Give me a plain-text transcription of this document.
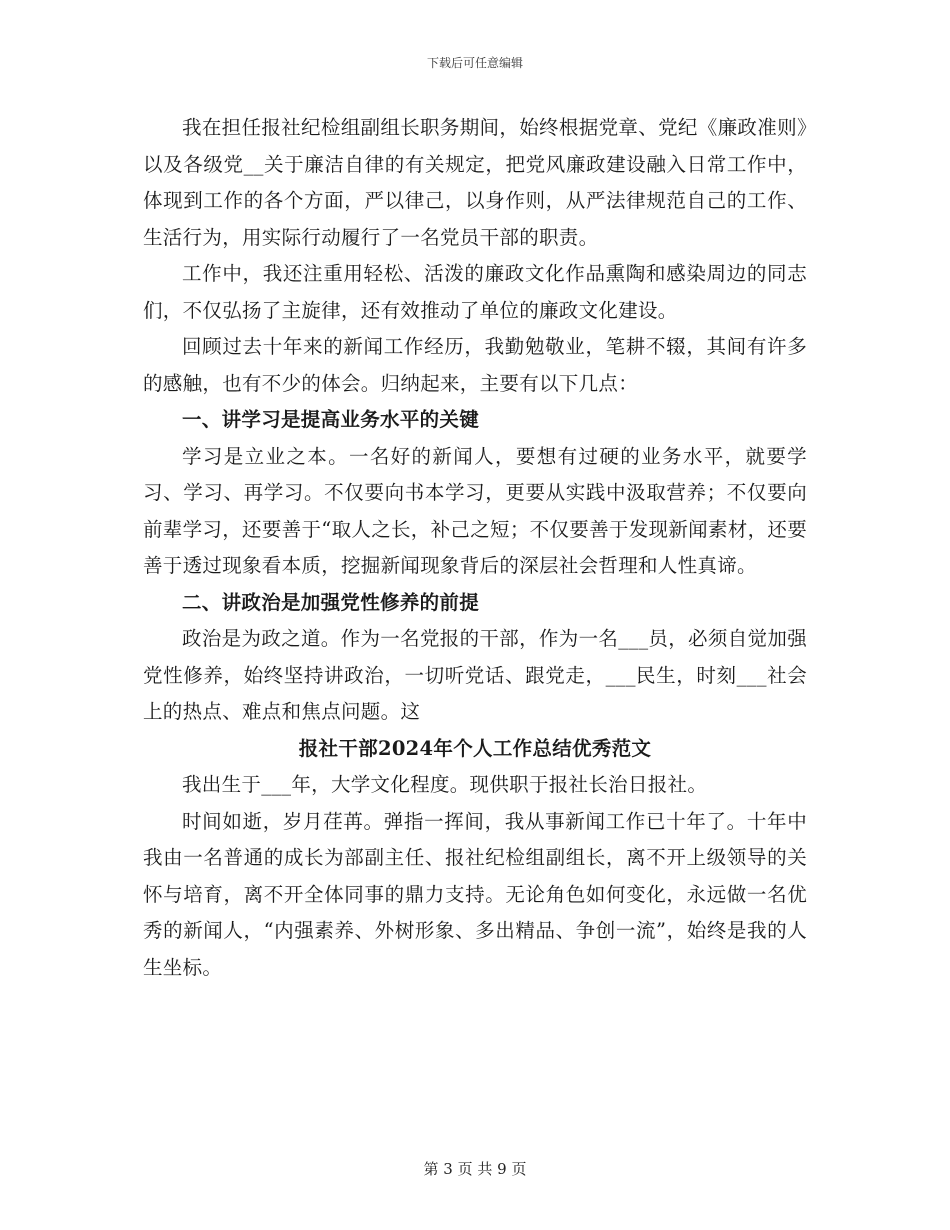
下载后可任意编辑

我在担任报社纪检组副组长职务期间，始终根据党章、党纪《廉政准则》以及各级党__关于廉洁自律的有关规定，把党风廉政建设融入日常工作中，体现到工作的各个方面，严以律己，以身作则，从严法律规范自己的工作、生活行为，用实际行动履行了一名党员干部的职责。

工作中，我还注重用轻松、活泼的廉政文化作品熏陶和感染周边的同志们，不仅弘扬了主旋律，还有效推动了单位的廉政文化建设。

回顾过去十年来的新闻工作经历，我勤勉敬业，笔耕不辍，其间有许多的感触，也有不少的体会。归纳起来，主要有以下几点：

一、讲学习是提高业务水平的关键

学习是立业之本。一名好的新闻人，要想有过硬的业务水平，就要学习、学习、再学习。不仅要向书本学习，更要从实践中汲取营养；不仅要向前辈学习，还要善于“取人之长，补己之短；不仅要善于发现新闻素材，还要善于透过现象看本质，挖掘新闻现象背后的深层社会哲理和人性真谛。

二、讲政治是加强党性修养的前提

政治是为政之道。作为一名党报的干部，作为一名___员，必须自觉加强党性修养，始终坚持讲政治，一切听党话、跟党走，___民生，时刻___社会上的热点、难点和焦点问题。这

报社干部2024年个人工作总结优秀范文

我出生于___年，大学文化程度。现供职于报社长治日报社。

时间如逝，岁月荏苒。弹指一挥间，我从事新闻工作已十年了。十年中我由一名普通的成长为部副主任、报社纪检组副组长，离不开上级领导的关怀与培育，离不开全体同事的鼎力支持。无论角色如何变化，永远做一名优秀的新闻人，“内强素养、外树形象、多出精品、争创一流”，始终是我的人生坐标。

第 3 页 共 9 页
